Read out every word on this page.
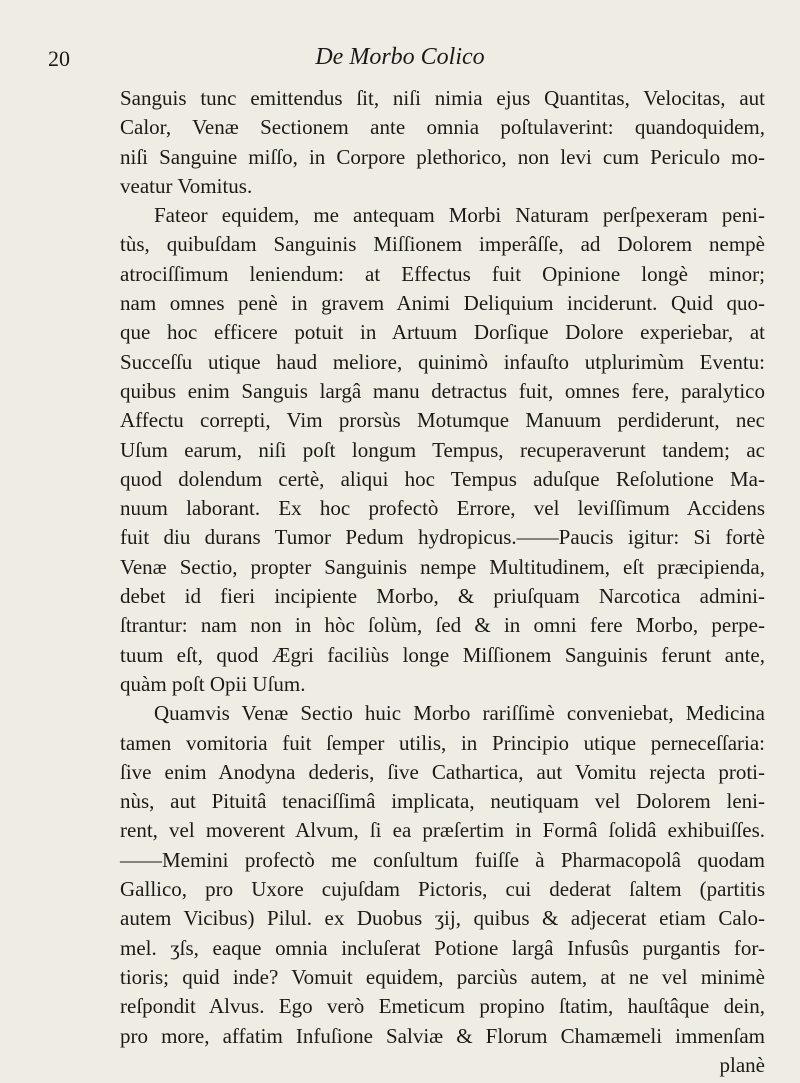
20	De Morbo Colico
Sanguis tunc emittendus ſit, niſi nimia ejus Quantitas, Velocitas, aut
Calor, Venæ Sectionem ante omnia poſtulaverint: quandoquidem,
niſi Sanguine miſſo, in Corpore plethorico, non levi cum Periculo mo-
veatur Vomitus.
Fateor equidem, me antequam Morbi Naturam perſpexeram peni-
tùs, quibuſdam Sanguinis Miſſionem imperâſſe, ad Dolorem nempè
atrociſſimum leniendum: at Effectus fuit Opinione longè minor;
nam omnes penè in gravem Animi Deliquium inciderunt. Quid quo-
que hoc efficere potuit in Artuum Dorſique Dolore experiebar, at
Succeſſu utique haud meliore, quinimò infauſto utplurimùm Eventu:
quibus enim Sanguis largâ manu detractus fuit, omnes fere, paralytico
Affectu correpti, Vim prorsùs Motumque Manuum perdiderunt, nec
Uſum earum, niſi poſt longum Tempus, recuperaverunt tandem; ac
quod dolendum certè, aliqui hoc Tempus aduſque Reſolutione Ma-
nuum laborant. Ex hoc profectò Errore, vel leviſſimum Accidens
fuit diu durans Tumor Pedum hydropicus.——Paucis igitur: Si fortè
Venæ Sectio, propter Sanguinis nempe Multitudinem, eſt præcipienda,
debet id fieri incipiente Morbo, & priuſquam Narcotica admini-
ſtrantur: nam non in hòc ſolùm, ſed & in omni fere Morbo, perpe-
tuum eſt, quod Ægri faciliùs longe Miſſionem Sanguinis ferunt ante,
quàm poſt Opii Uſum.
Quamvis Venæ Sectio huic Morbo rariſſimè conveniebat, Medicina
tamen vomitoria fuit ſemper utilis, in Principio utique perneceſſaria:
ſive enim Anodyna dederis, ſive Cathartica, aut Vomitu rejecta proti-
nùs, aut Pituitâ tenaciſſimâ implicata, neutiquam vel Dolorem leni-
rent, vel moverent Alvum, ſi ea præſertim in Formâ ſolidâ exhibuiſſes.
——Memini profectò me conſultum fuiſſe à Pharmacopolâ quodam
Gallico, pro Uxore cujuſdam Pictoris, cui dederat ſaltem (partitis
autem Vicibus) Pilul. ex Duobus ʒij, quibus & adjecerat etiam Calo-
mel. ʒſs, eaque omnia incluſerat Potione largâ Infusûs purgantis for-
tioris; quid inde? Vomuit equidem, parciùs autem, at ne vel minimè
reſpondit Alvus. Ego verò Emeticum propino ſtatim, hauſtâque dein,
pro more, affatim Infuſione Salviæ & Florum Chamæmeli immenſam
planè
